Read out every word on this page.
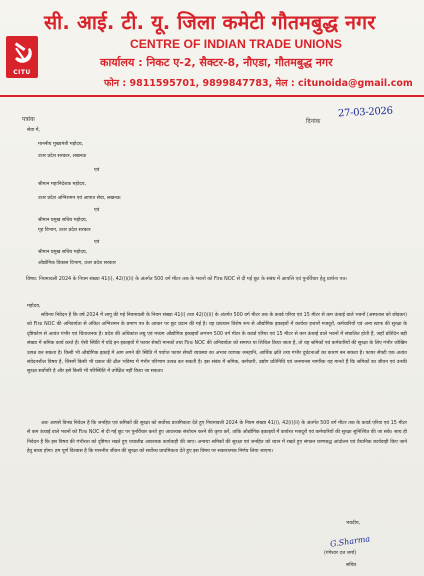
CITU
सी. आई. टी. यू. जिला कमेटी गौतमबुद्ध नगर
CENTRE OF INDIAN TRADE UNIONS
कार्यालय : निकट ए-2, सैक्टर-8, नौएडा, गौतमबुद्ध नगर
फोन : 9811595701, 9899847783, मेल : citunoida@gmail.com
पत्रांक	दिनांक
27-03-2026
सेवा में,
माननीय मुख्यमंत्री महोदय,
उत्तर प्रदेश सरकार, लखनऊ
एवं
श्रीमान महानिदेशक महोदय,
उत्तर प्रदेश अग्निशमन एवं आपात सेवा, लखनऊ
एवं
श्रीमान प्रमुख सचिव महोदय,
गृह विभाग, उत्तर प्रदेश सरकार
एवं
श्रीमान प्रमुख सचिव महोदय,
औद्योगिक विकास विभाग, उत्तर प्रदेश सरकार
विषय: नियमावली 2024 के नियम संख्या 41(i), 42(i)(ii) के अंतर्गत 500 वर्ग मीटर तक के भवनों को Fire NOC से दी गई छूट के संबंध में आपत्ति एवं पुनर्विचार हेतु प्रार्थना पत्र।
महोदय,
सविनय निवेदन है कि वर्ष 2024 में लागू की गई नियमावली के नियम संख्या 41(i) तथा 42(i)(ii) के अंतर्गत 500 वर्ग मीटर तक के कवर्ड एरिया एवं 15 मीटर से कम ऊंचाई वाले भवनों (अस्पताल को छोड़कर) को Fire NOC की अनिवार्यता से अंकित अग्निशमन के प्रमाण पत्र के आधार पर छूट प्रदान की गई है। यह प्रावधान विशेष रूप से औद्योगिक इकाइयों में कार्यरत हजारों मजदूरों, कर्मचारियों एवं अन्य स्टाफ की सुरक्षा के दृष्टिकोण से अत्यंत गंभीर एवं चिंताजनक है। प्रदेश की अधिकांश लघु एवं मध्यम औद्योगिक इकाइयाँ लगभग 500 वर्ग मीटर के कवर्ड एरिया एवं 15 मीटर से कम ऊंचाई वाले भवनों में संचालित होती हैं, जहाँ प्रतिदिन बड़ी संख्या में श्रमिक कार्य करते हैं। ऐसी स्थिति में यदि इन इकाइयों में फायर सेफ्टी मानकों तथा Fire NOC की अनिवार्यता को समाप्त या शिथिल किया जाता है, तो यह श्रमिकों एवं कर्मचारियों की सुरक्षा के लिए गंभीर जोखिम उत्पन्न कर सकता है। किसी भी औद्योगिक इकाई में आग लगने की स्थिति में पर्याप्त फायर सेफ्टी व्यवस्था का अभाव व्यापक जनहानि, आर्थिक क्षति तथा गंभीर दुर्घटनाओं का कारण बन सकता है। फायर सेफ्टी एक अत्यंत संवेदनशील विषय है, जिसमें किसी भी प्रकार की ढील भविष्य में गंभीर परिणाम उत्पन्न कर सकती है। इस संबंध में श्रमिक, कर्मचारी, उद्योग प्रतिनिधि एवं जनमानस नागरिक यह मानते हैं कि श्रमिकों का जीवन एवं उनकी सुरक्षा सर्वोपरि है और इसे किसी भी परिस्थिति में उपेक्षित नहीं किया जा सकता।
अतः आपसे विनम्र निवेदन है कि जनहित एवं श्रमिकों की सुरक्षा को सर्वोच्च प्राथमिकता देते हुए नियमावली 2024 के नियम संख्या 41(i), 42(i)(ii) के अंतर्गत 500 वर्ग मीटर तक के कवर्ड एरिया एवं 15 मीटर से कम ऊंचाई वाले भवनों को Fire NOC से दी गई छूट पर पुनर्विचार करते हुए आवश्यक संशोधन करने की कृपा करें, ताकि औद्योगिक इकाइयों में कार्यरत मजदूरों एवं कर्मचारियों की सुरक्षा सुनिश्चित की जा सके। साथ ही निवेदन है कि इस विषय की गंभीरता को दृष्टिगत रखते हुए यथाशीघ्र आवश्यक कार्यवाही की जाए। अन्यथा श्रमिकों की सुरक्षा एवं जनहित को ध्यान में रखते हुए संगठन चरणबद्ध आंदोलन एवं वैधानिक कार्यवाही किए जाने हेतु बाध्य होगा। हम पूर्ण विश्वास है कि माननीय जीवन की सुरक्षा को सर्वोच्च प्राथमिकता देते हुए इस विषय पर सकारात्मक निर्णय लिया जाएगा।
भवदीय,
G.Sharma
(गंगेश्वर दत्त शर्मा)
सचिव
